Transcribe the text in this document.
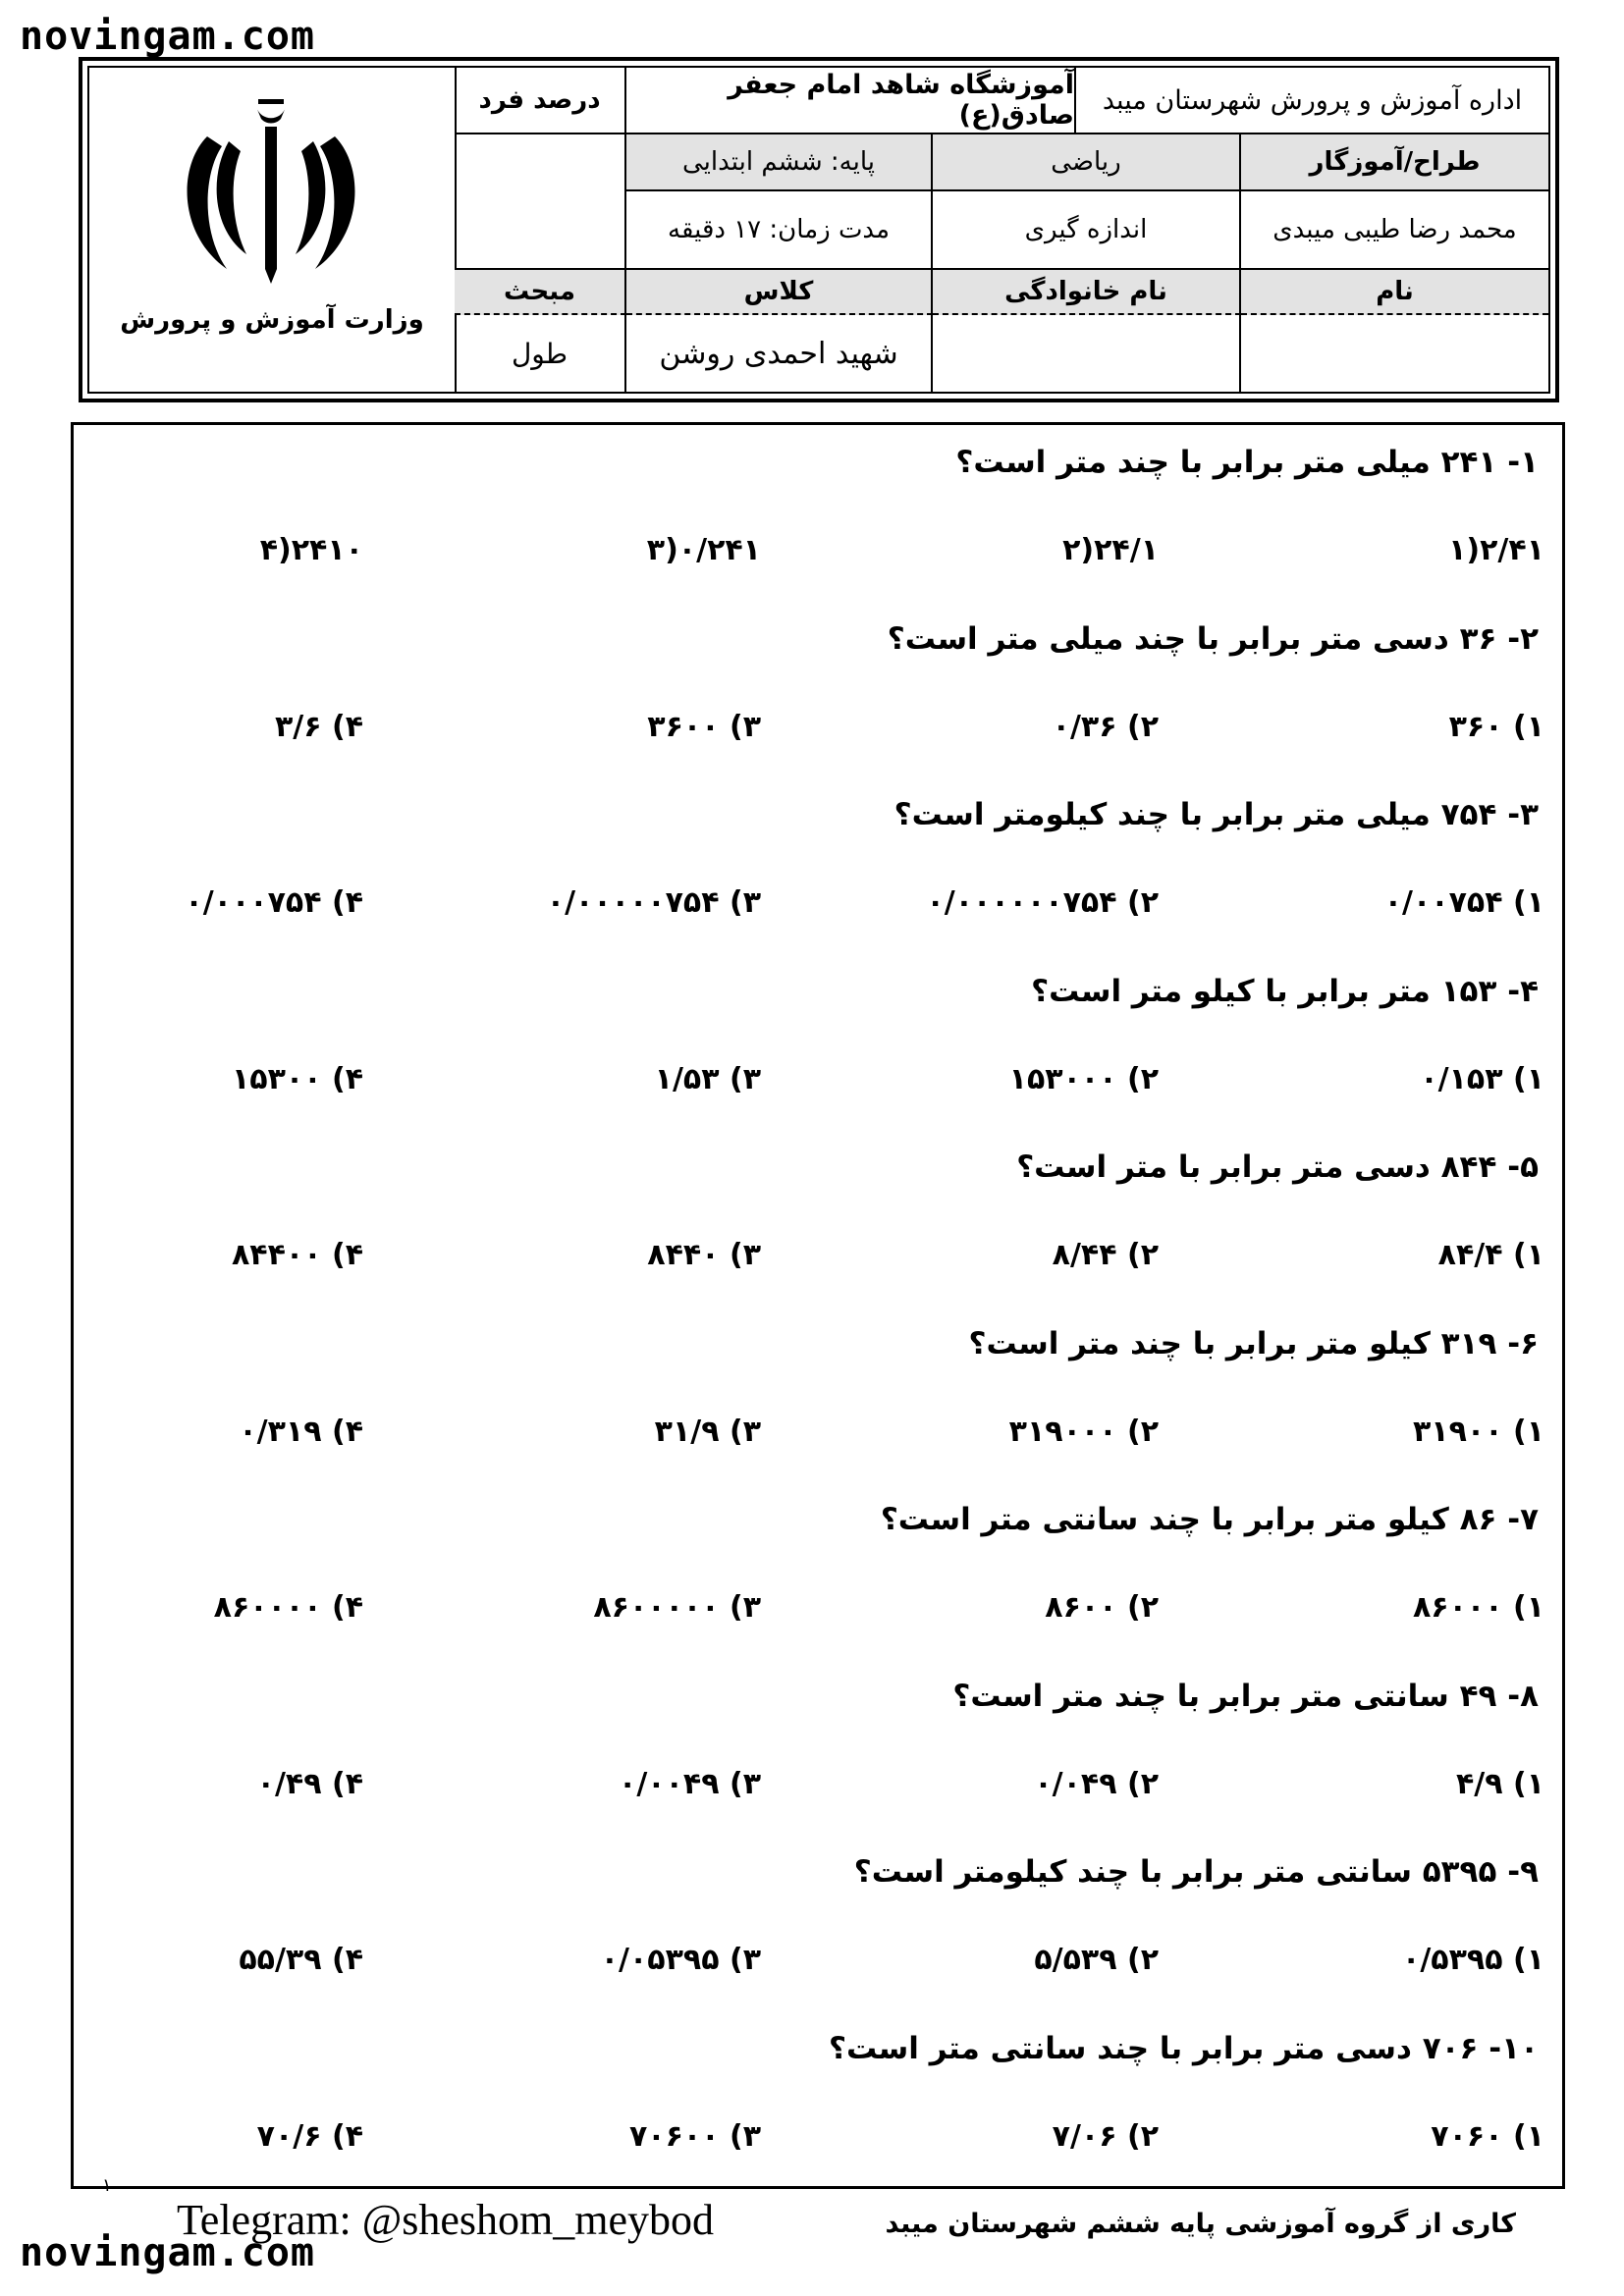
novingam.com
وزارت آموزش و پرورش
درصد فرد	آموزشگاه شاهد امام جعفر صادق(ع)	اداره آموزش و پرورش شهرستان میبد
پایه: ششم ابتدایی	ریاضی	طراح/آموزگار
مدت زمان: ۱۷ دقیقه	اندازه گیری	محمد رضا طیبی میبدی
مبحث	کلاس	نام خانوادگی	نام
طول	شهید احمدی روشن
۱- ۲۴۱ میلی متر برابر با چند متر است؟
۲/۴۱(۱
۲۴/۱(۲
۰/۲۴۱(۳
۲۴۱۰(۴
۲- ۳۶ دسی متر برابر با چند میلی متر است؟
۱) ۳۶۰
۲) ۰/۳۶
۳) ۳۶۰۰
۴) ۳/۶
۳- ۷۵۴ میلی متر برابر با چند کیلومتر است؟
۱) ۰/۰۰۷۵۴
۲) ۰/۰۰۰۰۰۰۷۵۴
۳) ۰/۰۰۰۰۰۷۵۴
۴) ۰/۰۰۰۷۵۴
۴- ۱۵۳ متر برابر با کیلو متر است؟
۱) ۰/۱۵۳
۲) ۱۵۳۰۰۰
۳) ۱/۵۳
۴) ۱۵۳۰۰
۵- ۸۴۴ دسی متر برابر با متر است؟
۱) ۸۴/۴
۲) ۸/۴۴
۳) ۸۴۴۰
۴) ۸۴۴۰۰
۶- ۳۱۹ کیلو متر برابر با چند متر است؟
۱) ۳۱۹۰۰
۲) ۳۱۹۰۰۰
۳) ۳۱/۹
۴) ۰/۳۱۹
۷- ۸۶ کیلو متر برابر با چند سانتی متر است؟
۱) ۸۶۰۰۰
۲) ۸۶۰۰
۳) ۸۶۰۰۰۰۰
۴) ۸۶۰۰۰۰
۸- ۴۹ سانتی متر برابر با چند متر است؟
۱) ۴/۹
۲) ۰/۰۴۹
۳) ۰/۰۰۴۹
۴) ۰/۴۹
۹- ۵۳۹۵ سانتی متر برابر با چند کیلومتر است؟
۱) ۰/۵۳۹۵
۲) ۵/۵۳۹
۳) ۰/۰۵۳۹۵
۴) ۵۵/۳۹
۱۰- ۷۰۶ دسی متر برابر با چند سانتی متر است؟
۱) ۷۰۶۰
۲) ۷/۰۶
۳) ۷۰۶۰۰
۴) ۷۰/۶
۱
Telegram: @sheshom_meybod	کاری از گروه آموزشی پایه ششم شهرستان میبد
novingam.com
